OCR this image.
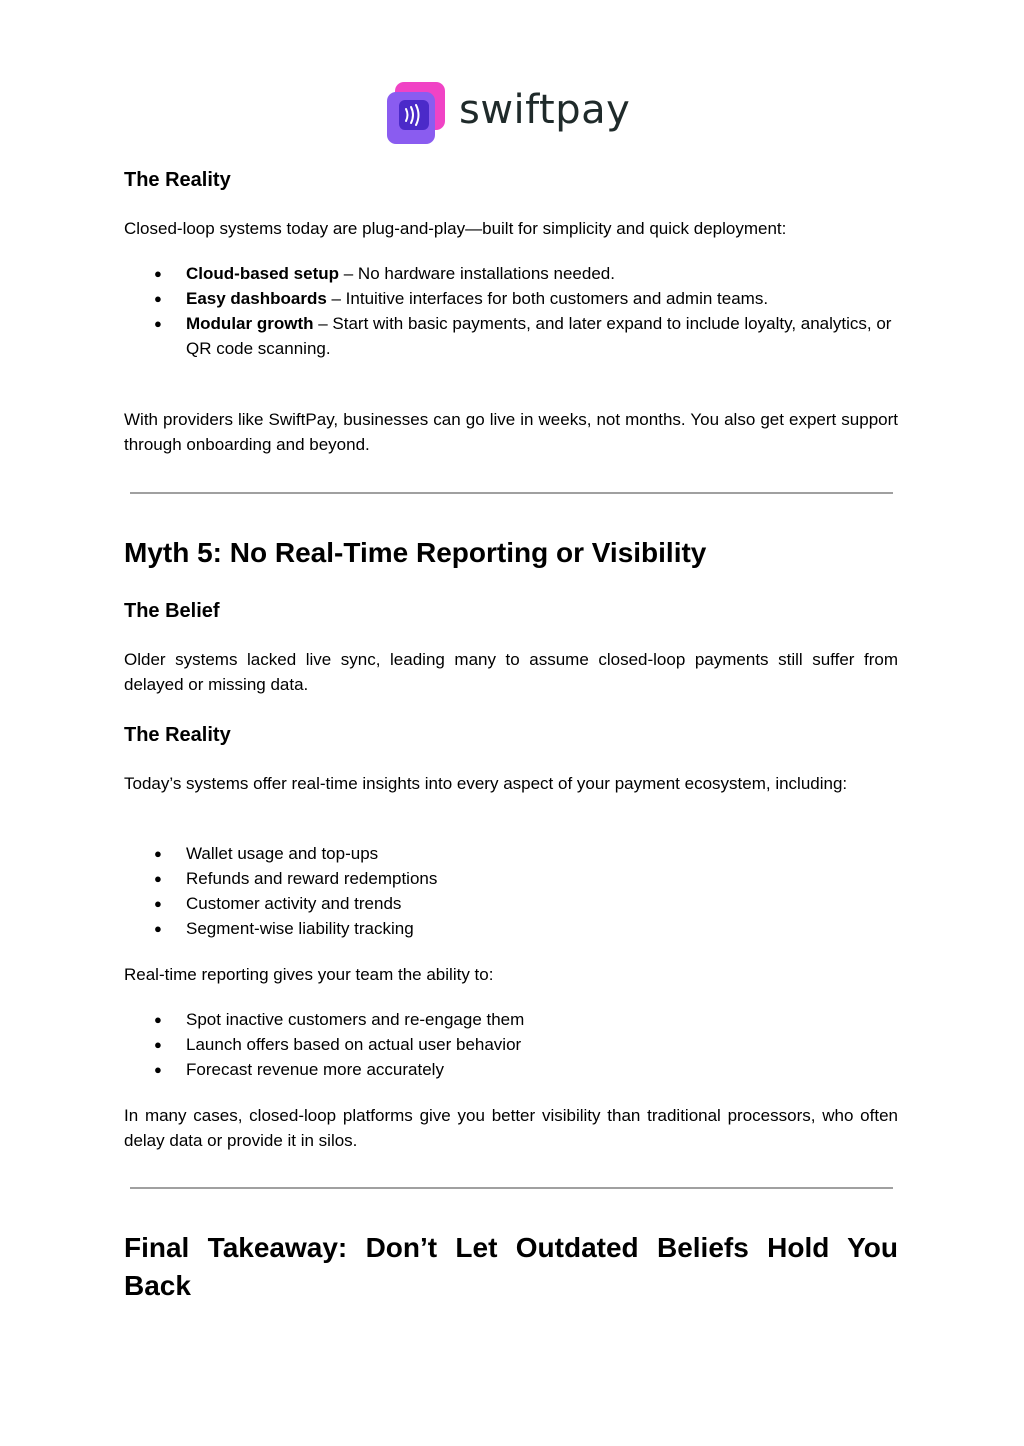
swiftpay
The Reality

Closed-loop systems today are plug-and-play—built for simplicity and quick deployment:

● Cloud-based setup – No hardware installations needed.
● Easy dashboards – Intuitive interfaces for both customers and admin teams.
● Modular growth – Start with basic payments, and later expand to include loyalty, analytics, or QR code scanning.

With providers like SwiftPay, businesses can go live in weeks, not months. You also get expert support through onboarding and beyond.

Myth 5: No Real-Time Reporting or Visibility
The Belief

Older systems lacked live sync, leading many to assume closed-loop payments still suffer from delayed or missing data.

The Reality

Today’s systems offer real-time insights into every aspect of your payment ecosystem, including:

● Wallet usage and top-ups
● Refunds and reward redemptions
● Customer activity and trends
● Segment-wise liability tracking

Real-time reporting gives your team the ability to:

● Spot inactive customers and re-engage them
● Launch offers based on actual user behavior
● Forecast revenue more accurately

In many cases, closed-loop platforms give you better visibility than traditional processors, who often delay data or provide it in silos.

Final Takeaway: Don’t Let Outdated Beliefs Hold You Back
